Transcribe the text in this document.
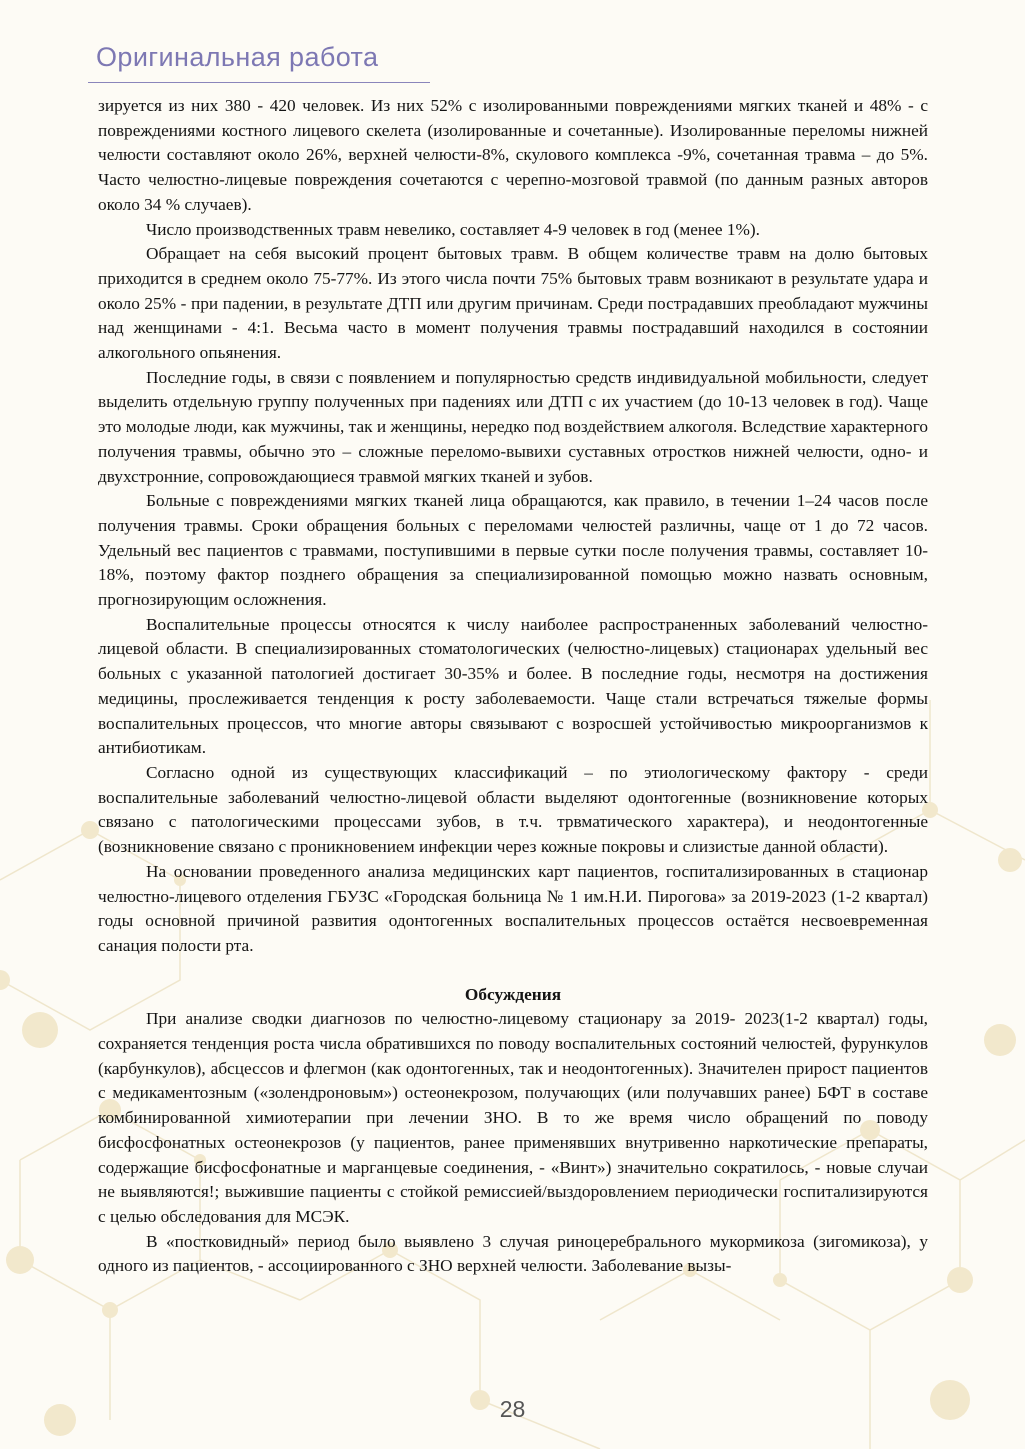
Оригинальная работа

зируется из них 380 - 420 человек. Из них 52% с изолированными повреждениями мягких тканей и 48% - с повреждениями костного лицевого скелета (изолированные и сочетанные). Изолированные переломы нижней челюсти составляют около 26%, верхней челюсти-8%, скулового комплекса -9%, сочетанная травма – до 5%. Часто челюстно-лицевые повреждения сочетаются с черепно-мозговой травмой (по данным разных авторов около 34 % случаев).

Число производственных травм невелико, составляет 4-9 человек в год (менее 1%).

Обращает на себя высокий процент бытовых травм. В общем количестве травм на долю бытовых приходится в среднем около 75-77%. Из этого числа почти 75% бытовых травм возникают в результате удара и около 25% - при падении, в результате ДТП или другим причинам. Среди пострадавших преобладают мужчины над женщинами - 4:1. Весьма часто в момент получения травмы пострадавший находился в состоянии алкогольного опьянения.

Последние годы, в связи с появлением и популярностью средств индивидуальной мобильности, следует выделить отдельную группу полученных при падениях или ДТП с их участием (до 10-13 человек в год). Чаще это молодые люди, как мужчины, так и женщины, нередко под воздействием алкоголя. Вследствие характерного получения травмы, обычно это – сложные переломо-вывихи суставных отростков нижней челюсти, одно- и двухстронние, сопровождающиеся травмой мягких тканей и зубов.

Больные с повреждениями мягких тканей лица обращаются, как правило, в течении 1–24 часов после получения травмы. Сроки обращения больных с переломами челюстей различны, чаще от 1 до 72 часов. Удельный вес пациентов с травмами, поступившими в первые сутки после получения травмы, составляет 10-18%, поэтому фактор позднего обращения за специализированной помощью можно назвать основным, прогнозирующим осложнения.

Воспалительные процессы относятся к числу наиболее распространенных заболеваний челюстно-лицевой области. В специализированных стоматологических (челюстно-лицевых) стационарах удельный вес больных с указанной патологией достигает 30-35% и более. В последние годы, несмотря на достижения медицины, прослеживается тенденция к росту заболеваемости. Чаще стали встречаться тяжелые формы воспалительных процессов, что многие авторы связывают с возросшей устойчивостью микроорганизмов к антибиотикам.

Согласно одной из существующих классификаций – по этиологическому фактору - среди воспалительные заболеваний челюстно-лицевой области выделяют одонтогенные (возникновение которых связано с патологическими процессами зубов, в т.ч. трвматического характера), и неодонтогенные (возникновение связано с проникновением инфекции через кожные покровы и слизистые данной области).

На основании проведенного анализа медицинских карт пациентов, госпитализированных в стационар челюстно-лицевого отделения ГБУЗС «Городская больница № 1 им.Н.И. Пирогова» за 2019-2023 (1-2 квартал) годы основной причиной развития одонтогенных воспалительных процессов остаётся несвоевременная санация полости рта.

Обсуждения

При анализе сводки диагнозов по челюстно-лицевому стационару за 2019- 2023(1-2 квартал) годы, сохраняется тенденция роста числа обратившихся по поводу воспалительных состояний челюстей, фурункулов (карбункулов), абсцессов и флегмон (как одонтогенных, так и неодонтогенных). Значителен прирост пациентов с медикаментозным («золендроновым») остеонекрозом, получающих (или получавших ранее) БФТ в составе комбинированной химиотерапии при лечении ЗНО. В то же время число обращений по поводу бисфосфонатных остеонекрозов (у пациентов, ранее применявших внутривенно наркотические препараты, содержащие бисфосфонатные и марганцевые соединения, - «Винт») значительно сократилось, - новые случаи не выявляются!; выжившие пациенты с стойкой ремиссией/выздоровлением периодически госпитализируются с целью обследования для МСЭК.

В «постковидный» период было выявлено 3 случая риноцеребрального мукормикоза (зигомикоза), у одного из пациентов, - ассоциированного с ЗНО верхней челюсти. Заболевание вызы-

28
